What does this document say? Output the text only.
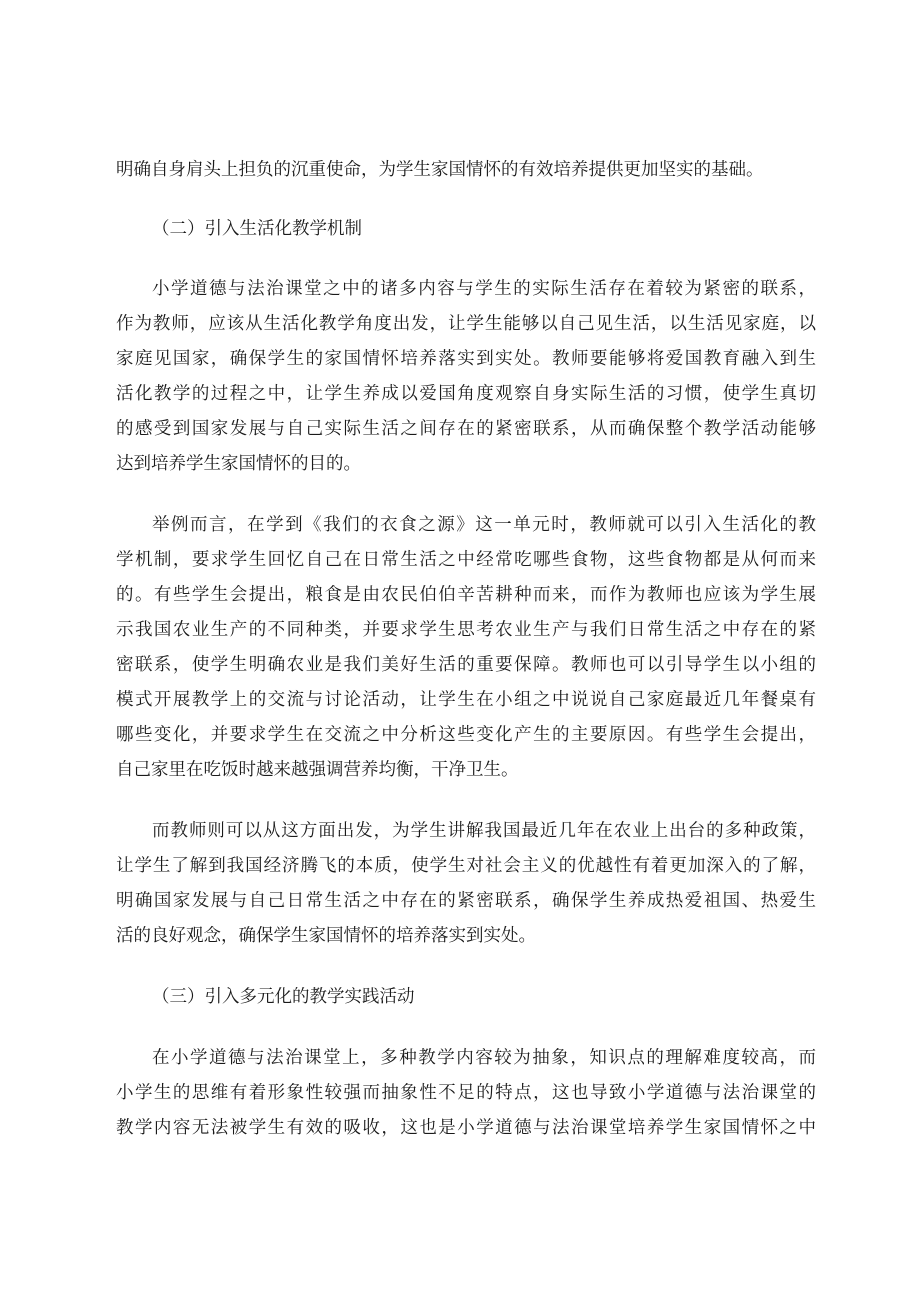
明确自身肩头上担负的沉重使命，为学生家国情怀的有效培养提供更加坚实的基础。
（二）引入生活化教学机制
小学道德与法治课堂之中的诸多内容与学生的实际生活存在着较为紧密的联系，
作为教师，应该从生活化教学角度出发，让学生能够以自己见生活，以生活见家庭，以
家庭见国家，确保学生的家国情怀培养落实到实处。教师要能够将爱国教育融入到生
活化教学的过程之中，让学生养成以爱国角度观察自身实际生活的习惯，使学生真切
的感受到国家发展与自己实际生活之间存在的紧密联系，从而确保整个教学活动能够
达到培养学生家国情怀的目的。
举例而言，在学到《我们的衣食之源》这一单元时，教师就可以引入生活化的教
学机制，要求学生回忆自己在日常生活之中经常吃哪些食物，这些食物都是从何而来
的。有些学生会提出，粮食是由农民伯伯辛苦耕种而来，而作为教师也应该为学生展
示我国农业生产的不同种类，并要求学生思考农业生产与我们日常生活之中存在的紧
密联系，使学生明确农业是我们美好生活的重要保障。教师也可以引导学生以小组的
模式开展教学上的交流与讨论活动，让学生在小组之中说说自己家庭最近几年餐桌有
哪些变化，并要求学生在交流之中分析这些变化产生的主要原因。有些学生会提出，
自己家里在吃饭时越来越强调营养均衡，干净卫生。
而教师则可以从这方面出发，为学生讲解我国最近几年在农业上出台的多种政策，
让学生了解到我国经济腾飞的本质，使学生对社会主义的优越性有着更加深入的了解，
明确国家发展与自己日常生活之中存在的紧密联系，确保学生养成热爱祖国、热爱生
活的良好观念，确保学生家国情怀的培养落实到实处。
（三）引入多元化的教学实践活动
在小学道德与法治课堂上，多种教学内容较为抽象，知识点的理解难度较高，而
小学生的思维有着形象性较强而抽象性不足的特点，这也导致小学道德与法治课堂的
教学内容无法被学生有效的吸收，这也是小学道德与法治课堂培养学生家国情怀之中
